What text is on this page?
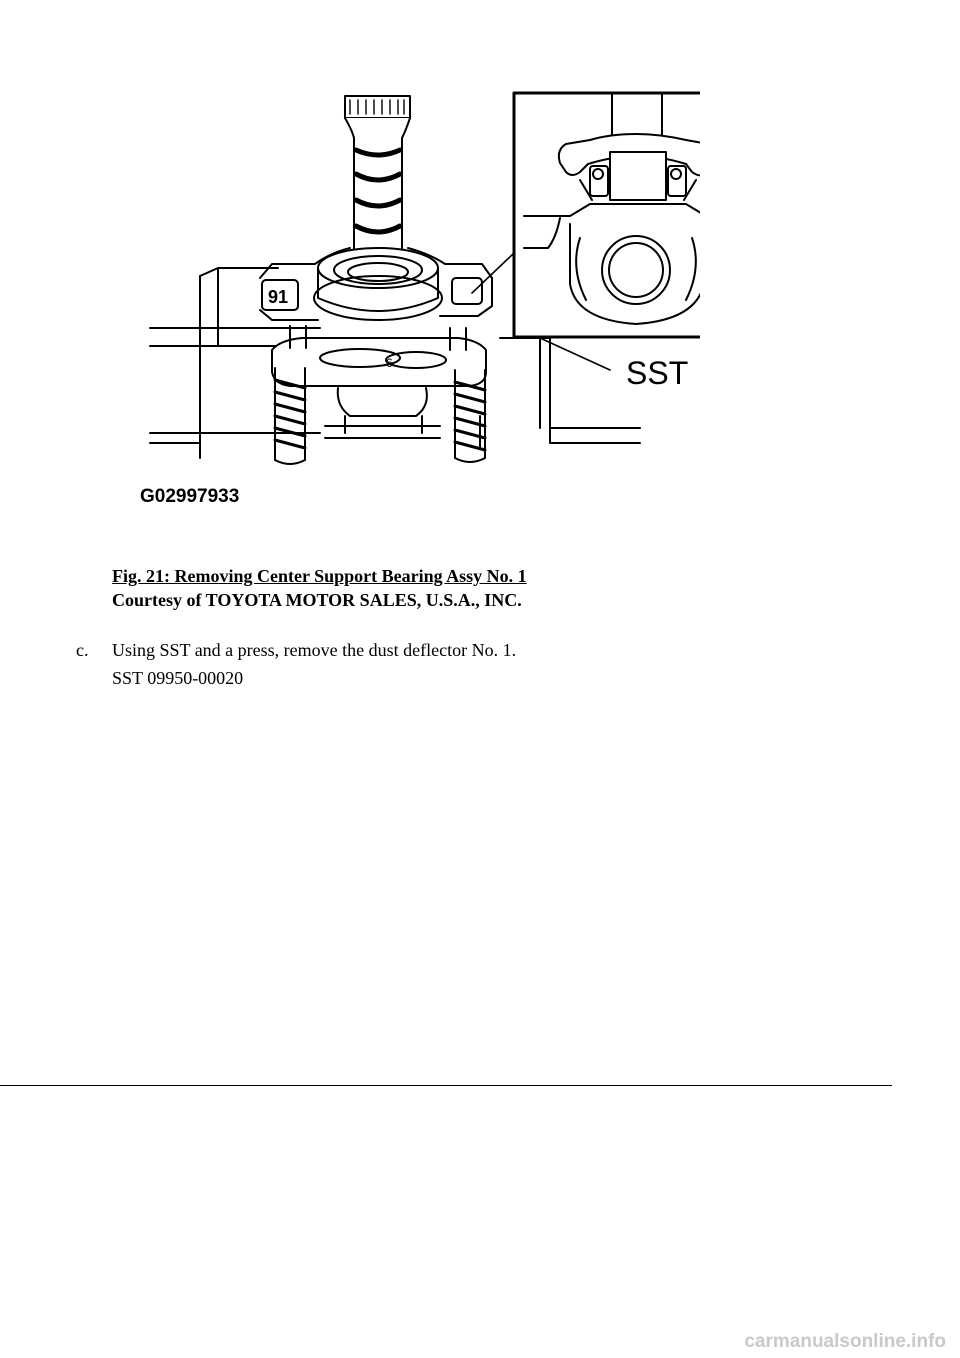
91
6	SST
G02997933
Fig. 21: Removing Center Support Bearing Assy No. 1
Courtesy of TOYOTA MOTOR SALES, U.S.A., INC.
c. Using SST and a press, remove the dust deflector No. 1.
SST 09950-00020
carmanualsonline.info
